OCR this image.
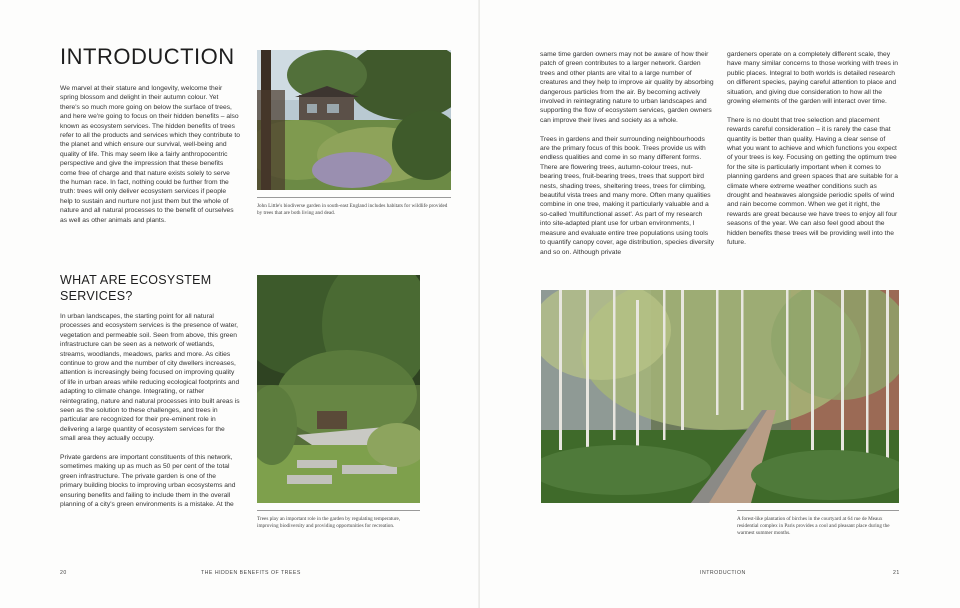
INTRODUCTION

We marvel at their stature and longevity, welcome their spring blossom and delight in their autumn colour. Yet there's so much more going on below the surface of trees, and here we're going to focus on their hidden benefits – also known as ecosystem services. The hidden benefits of trees refer to all the products and services which they contribute to the planet and which ensure our survival, well-being and quality of life. This may seem like a fairly anthropocentric perspective and give the impression that these benefits come free of charge and that nature exists solely to serve the human race. In fact, nothing could be further from the truth: trees will only deliver ecosystem services if people help to sustain and nurture not just them but the whole of nature and all natural processes to the benefit of ourselves as well as other animals and plants.

WHAT ARE ECOSYSTEM SERVICES?

In urban landscapes, the starting point for all natural processes and ecosystem services is the presence of water, vegetation and permeable soil. Seen from above, this green infrastructure can be seen as a network of wetlands, streams, woodlands, meadows, parks and more. As cities continue to grow and the number of city dwellers increases, attention is increasingly being focused on improving quality of life in urban areas while reducing ecological footprints and adapting to climate change. Integrating, or rather reintegrating, nature and natural processes into built areas is seen as the solution to these challenges, and trees in particular are recognized for their pre-eminent role in delivering a large quantity of ecosystem services for the small area they actually occupy.

Private gardens are important constituents of this network, sometimes making up as much as 50 per cent of the total green infrastructure. The private garden is one of the primary building blocks to improving urban ecosystems and ensuring benefits and failing to include them in the overall planning of a city's green environments is a mistake. At the

John Little's biodiverse garden in south-east England includes habitats for wildlife provided by trees that are both living and dead.
Trees play an important role in the garden by regulating temperature, improving biodiversity and providing opportunities for recreation.
20	THE HIDDEN BENEFITS OF TREES

same time garden owners may not be aware of how their patch of green contributes to a larger network. Garden trees and other plants are vital to a large number of creatures and they help to improve air quality by absorbing dangerous particles from the air. By becoming actively involved in reintegrating nature to urban landscapes and supporting the flow of ecosystem services, garden owners can improve their lives and society as a whole.

Trees in gardens and their surrounding neighbourhoods are the primary focus of this book. Trees provide us with endless qualities and come in so many different forms. There are flowering trees, autumn-colour trees, nut-bearing trees, fruit-bearing trees, trees that support bird nests, shading trees, sheltering trees, trees for climbing, beautiful vista trees and many more. Often many qualities combine in one tree, making it particularly valuable and a so-called 'multifunctional asset'. As part of my research into site-adapted plant use for urban environments, I measure and evaluate entire tree populations using tools to quantify canopy cover, age distribution, species diversity and so on. Although private

gardeners operate on a completely different scale, they have many similar concerns to those working with trees in public places. Integral to both worlds is detailed research on different species, paying careful attention to place and situation, and giving due consideration to how all the growing elements of the garden will interact over time.

There is no doubt that tree selection and placement rewards careful consideration – it is rarely the case that quantity is better than quality. Having a clear sense of what you want to achieve and which functions you expect of your trees is key. Focusing on getting the optimum tree for the site is particularly important when it comes to planning gardens and green spaces that are suitable for a climate where extreme weather conditions such as drought and heatwaves alongside periodic spells of wind and rain become common. When we get it right, the rewards are great because we have trees to enjoy all four seasons of the year. We can also feel good about the hidden benefits these trees will be providing well into the future.

A forest-like plantation of birches in the courtyard at 64 rue de Meaux residential complex in Paris provides a cool and pleasant place during the warmest summer months.
INTRODUCTION	21
